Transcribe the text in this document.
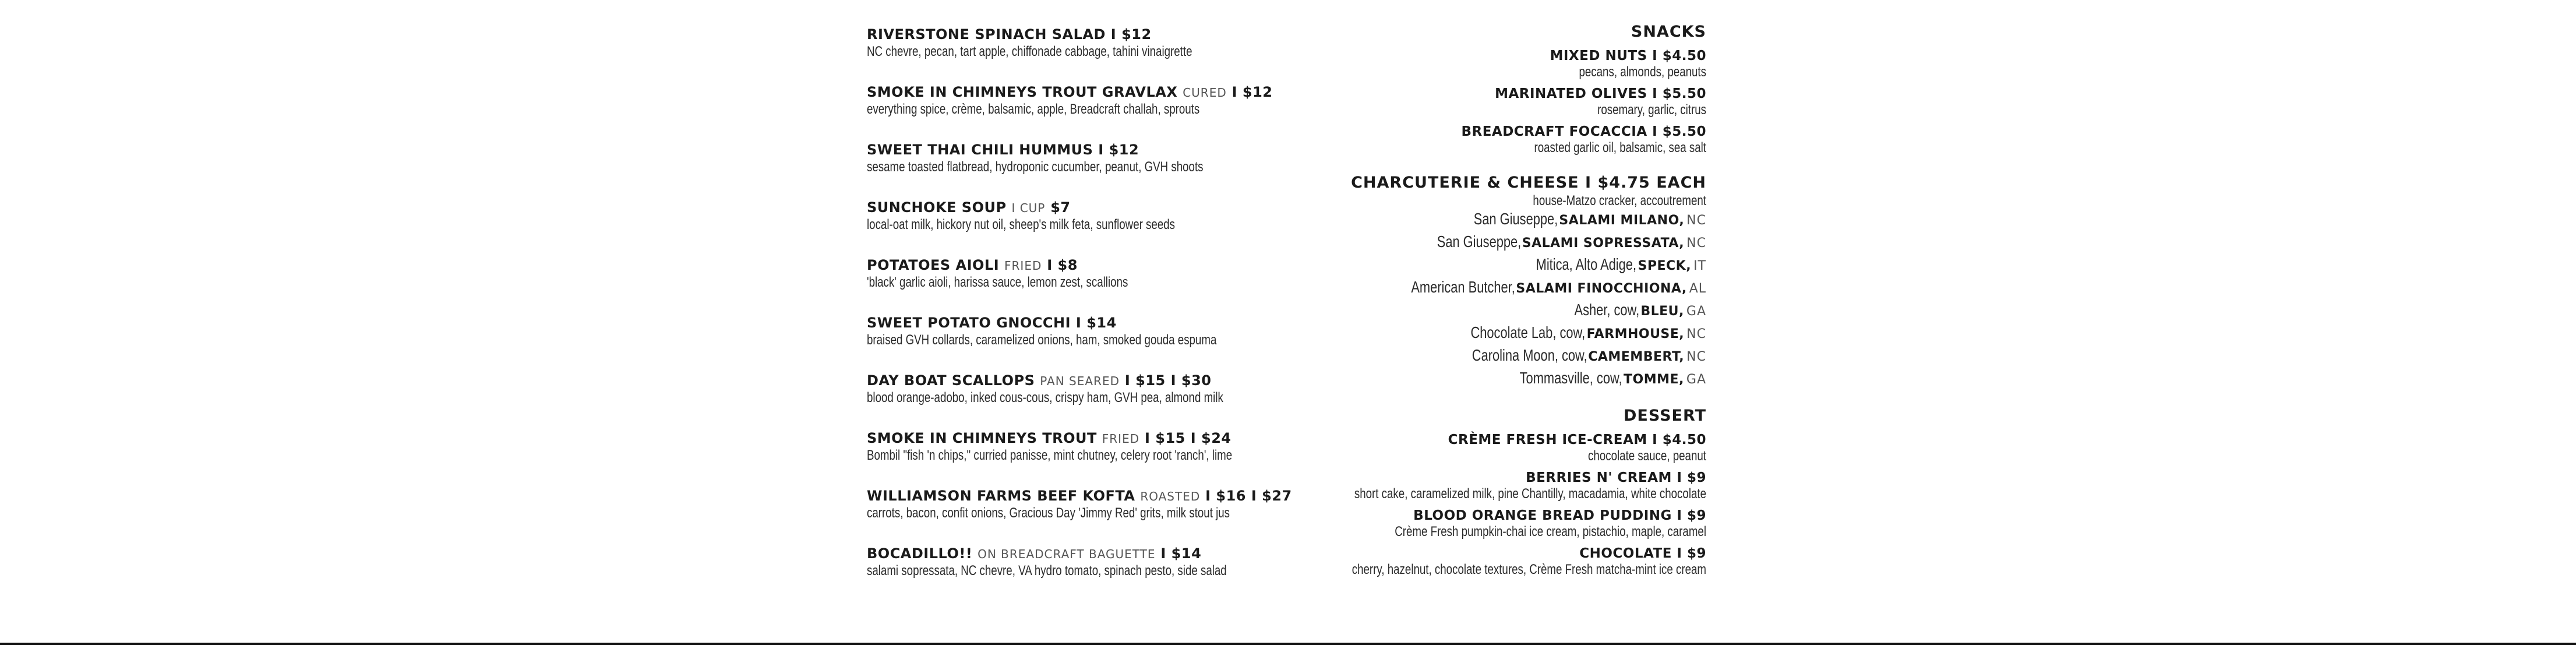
RIVERSTONE SPINACH SALAD I $12
NC chevre, pecan, tart apple, chiffonade cabbage, tahini vinaigrette
SMOKE IN CHIMNEYS TROUT GRAVLAX CURED I $12
everything spice, crème, balsamic, apple, Breadcraft challah, sprouts
SWEET THAI CHILI HUMMUS I $12
sesame toasted flatbread, hydroponic cucumber, peanut, GVH shoots
SUNCHOKE SOUP I CUP $7
local-oat milk, hickory nut oil, sheep's milk feta, sunflower seeds
POTATOES AIOLI FRIED I $8
'black' garlic aioli, harissa sauce, lemon zest, scallions
SWEET POTATO GNOCCHI I $14
braised GVH collards, caramelized onions, ham, smoked gouda espuma
DAY BOAT SCALLOPS PAN SEARED I $15 I $30
blood orange-adobo, inked cous-cous, crispy ham, GVH pea, almond milk
SMOKE IN CHIMNEYS TROUT FRIED I $15 I $24
Bombil "fish 'n chips," curried panisse, mint chutney, celery root 'ranch', lime
WILLIAMSON FARMS BEEF KOFTA ROASTED I $16 I $27
carrots, bacon, confit onions, Gracious Day 'Jimmy Red' grits, milk stout jus
BOCADILLO!! ON BREADCRAFT BAGUETTE I $14
salami sopressata, NC chevre, VA hydro tomato, spinach pesto, side salad
SNACKS
MIXED NUTS I $4.50
pecans, almonds, peanuts
MARINATED OLIVES I $5.50
rosemary, garlic, citrus
BREADCRAFT FOCACCIA I $5.50
roasted garlic oil, balsamic, sea salt
CHARCUTERIE & CHEESE I $4.75 EACH
house-Matzo cracker, accoutrement
San Giuseppe, SALAMI MILANO, NC
San Giuseppe, SALAMI SOPRESSATA, NC
Mitica, Alto Adige, SPECK, IT
American Butcher, SALAMI FINOCCHIONA, AL
Asher, cow, BLEU, GA
Chocolate Lab, cow, FARMHOUSE, NC
Carolina Moon, cow, CAMEMBERT, NC
Tommasville, cow, TOMME, GA
DESSERT
CRÈME FRESH ICE-CREAM I $4.50
chocolate sauce, peanut
BERRIES N' CREAM I $9
short cake, caramelized milk, pine Chantilly, macadamia, white chocolate
BLOOD ORANGE BREAD PUDDING I $9
Crème Fresh pumpkin-chai ice cream, pistachio, maple, caramel
CHOCOLATE I $9
cherry, hazelnut, chocolate textures, Crème Fresh matcha-mint ice cream
